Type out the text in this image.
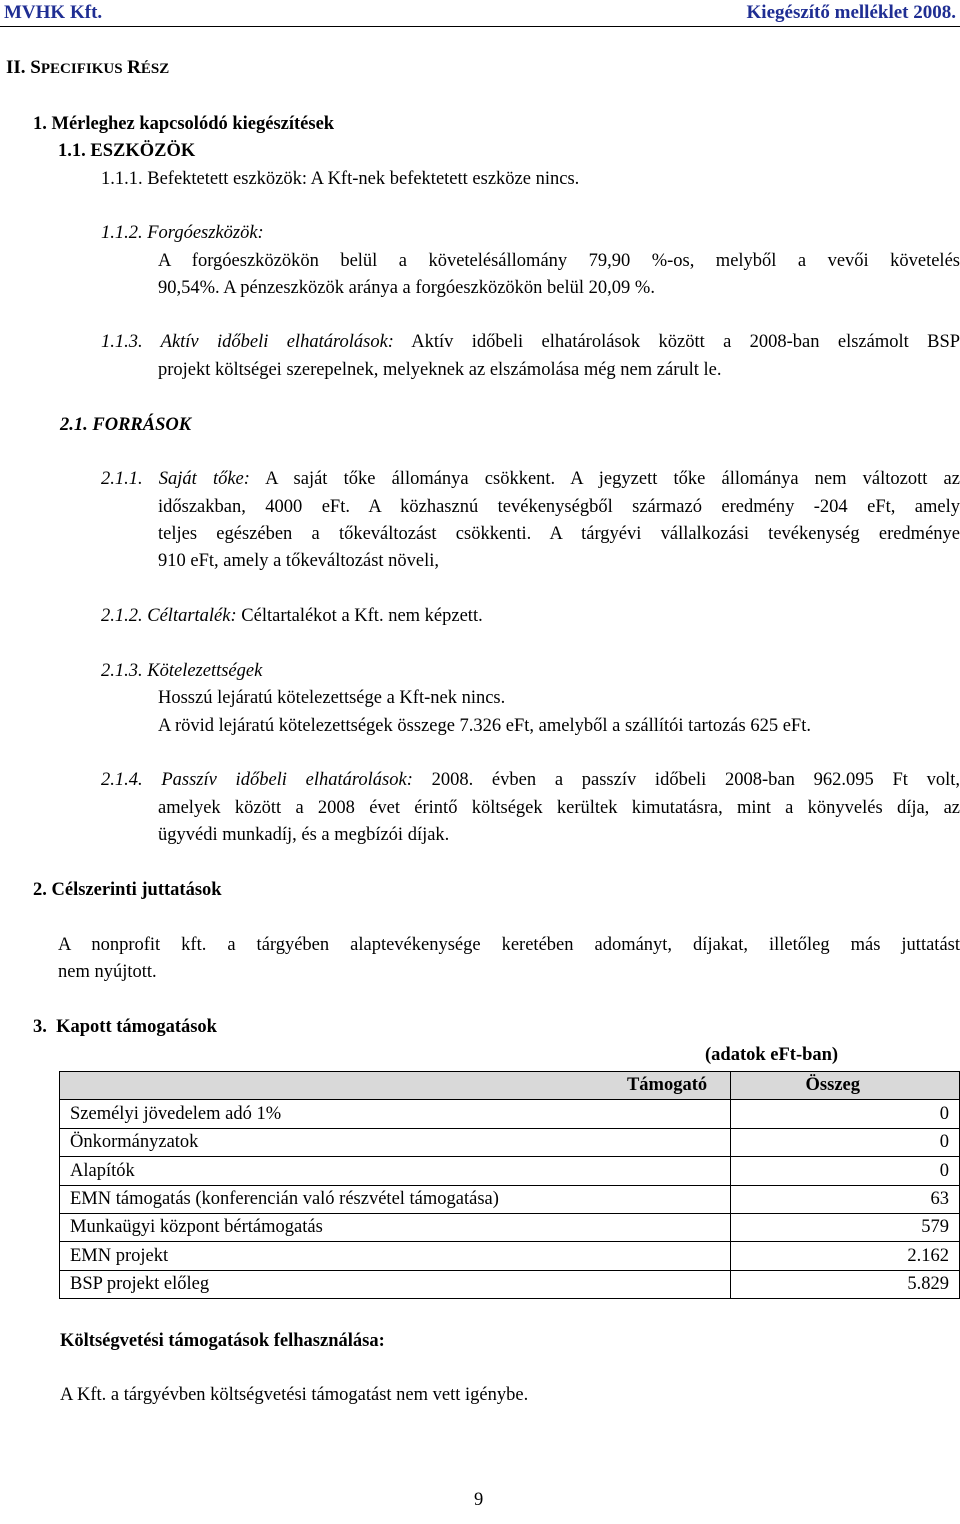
MVHK Kft.	Kiegészítő melléklet 2008.
II. SPECIFIKUS RÉSZ
1. Mérleghez kapcsolódó kiegészítések
1.1. ESZKÖZÖK
1.1.1. Befektetett eszközök: A Kft-nek befektetett eszköze nincs.
1.1.2. Forgóeszközök:
A forgóeszközökön belül a követelésállomány 79,90 %-os, melyből a vevői követelés
90,54%. A pénzeszközök aránya a forgóeszközökön belül 20,09 %.
1.1.3. Aktív időbeli elhatárolások: Aktív időbeli elhatárolások között a 2008-ban elszámolt BSP
projekt költségei szerepelnek, melyeknek az elszámolása még nem zárult le.
2.1. FORRÁSOK
2.1.1. Saját tőke: A saját tőke állománya csökkent. A jegyzett tőke állománya nem változott az
időszakban, 4000 eFt. A közhasznú tevékenységből származó eredmény -204 eFt, amely
teljes egészében a tőkeváltozást csökkenti. A tárgyévi vállalkozási tevékenység eredménye
910 eFt, amely a tőkeváltozást növeli,
2.1.2. Céltartalék: Céltartalékot a Kft. nem képzett.
2.1.3. Kötelezettségek
Hosszú lejáratú kötelezettsége a Kft-nek nincs.
A rövid lejáratú kötelezettségek összege 7.326 eFt, amelyből a szállítói tartozás 625 eFt.
2.1.4. Passzív időbeli elhatárolások: 2008. évben a passzív időbeli 2008-ban 962.095 Ft volt,
amelyek között a 2008 évet érintő költségek kerültek kimutatásra, mint a könyvelés díja, az
ügyvédi munkadíj, és a megbízói díjak.
2. Célszerinti juttatások
A nonprofit kft. a tárgyében alaptevékenysége keretében adományt, díjakat, illetőleg más juttatást
nem nyújtott.
3.  Kapott támogatások
(adatok eFt-ban)
Támogató	Összeg
Személyi jövedelem adó 1%	0
Önkormányzatok	0
Alapítók	0
EMN támogatás (konferencián való részvétel támogatása)	63
Munkaügyi központ bértámogatás	579
EMN projekt	2.162
BSP projekt előleg	5.829
Költségvetési támogatások felhasználása:
A Kft. a tárgyévben költségvetési támogatást nem vett igénybe.
9
